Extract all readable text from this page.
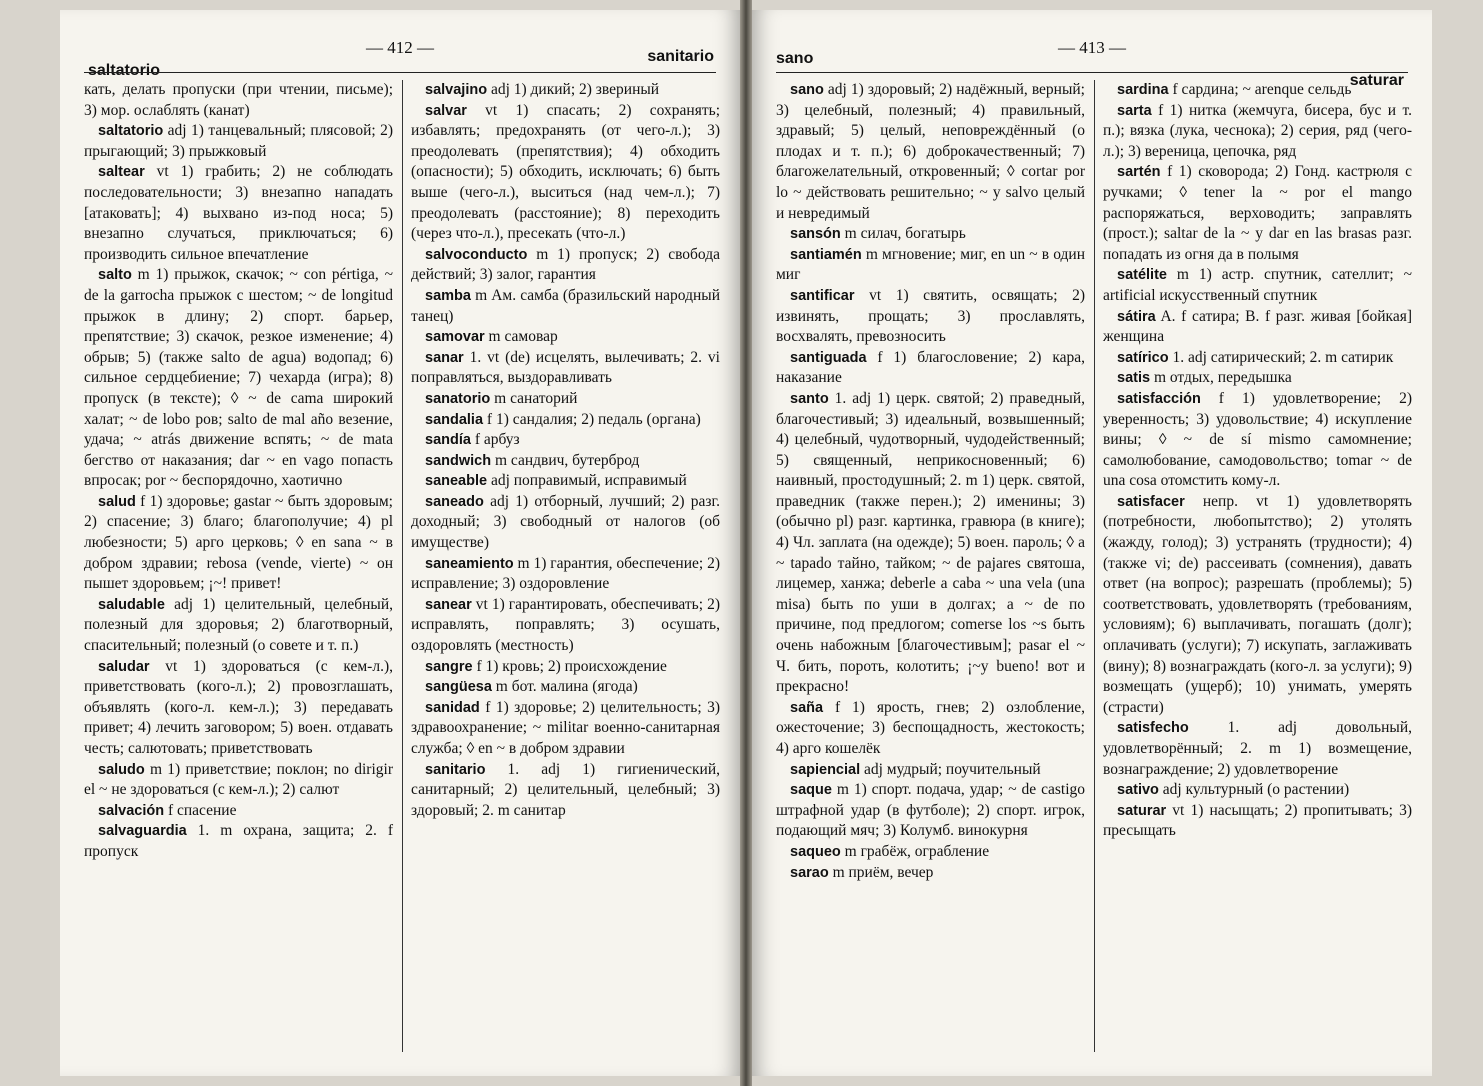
saltatorio
— 412 —	sanitario

кать, делать пропуски (при чтении, письме); 3) мор. ослаблять (канат)

saltatorio adj 1) танцевальный; плясовой; 2) прыгающий; 3) прыжковый

saltear vt 1) грабить; 2) не соблюдать последовательности; 3) внезапно нападать [атаковать]; 4) выхвано из-под носа; 5) внезапно случаться, приключаться; 6) производить сильное впечатление

salto m 1) прыжок, скачок; ~ con pértiga, ~ de la garrocha прыжок с шестом; ~ de longitud прыжок в длину; 2) спорт. барьер, препятствие; 3) скачок, резкое изменение; 4) обрыв; 5) (также salto de agua) водопад; 6) сильное сердцебиение; 7) чехарда (игра); 8) пропуск (в тексте); ◊ ~ de cama широкий халат; ~ de lobo ров; salto de mal año везение, удача; ~ atrás движение вспять; ~ de mata бегство от наказания; dar ~ en vago попасть впросак; por ~ беспорядочно, хаотично

salud f 1) здоровье; gastar ~ быть здоровым; 2) спасение; 3) благо; благополучие; 4) pl любезности; 5) арго церковь; ◊ en sana ~ в добром здравии; rebosa (vende, vierte) ~ он пышет здоровьем; ¡~! привет!

saludable adj 1) целительный, целебный, полезный для здоровья; 2) благотворный, спасительный; полезный (о совете и т. п.)

saludar vt 1) здороваться (с кем-л.), приветствовать (кого-л.); 2) провозглашать, объявлять (кого-л. кем-л.); 3) передавать привет; 4) лечить заговором; 5) воен. отдавать честь; салютовать; приветствовать

saludo m 1) приветствие; поклон; no dirigir el ~ не здороваться (с кем-л.); 2) салют

salvación f спасение

salvaguardia 1. m охрана, защита; 2. f пропуск

salvajino adj 1) дикий; 2) звериный

salvar vt 1) спасать; 2) сохранять; избавлять; предохранять (от чего-л.); 3) преодолевать (препятствия); 4) обходить (опасности); 5) обходить, исключать; 6) быть выше (чего-л.), выситься (над чем-л.); 7) преодолевать (расстояние); 8) переходить (через что-л.), пресекать (что-л.)

salvoconducto m 1) пропуск; 2) свобода действий; 3) залог, гарантия

samba m Ам. самба (бразильский народный танец)

samovar m самовар

sanar 1. vt (de) исцелять, вылечивать; 2. vi поправляться, выздоравливать

sanatorio m санаторий

sandalia f 1) сандалия; 2) педаль (органа)

sandía f арбуз

sandwich m сандвич, бутерброд

saneable adj поправимый, исправимый

saneado adj 1) отборный, лучший; 2) разг. доходный; 3) свободный от налогов (об имуществе)

saneamiento m 1) гарантия, обеспечение; 2) исправление; 3) оздоровление

sanear vt 1) гарантировать, обеспечивать; 2) исправлять, поправлять; 3) осушать, оздоровлять (местность)

sangre f 1) кровь; 2) происхождение

sangüesa m бот. малина (ягода)

sanidad f 1) здоровье; 2) целительность; 3) здравоохранение; ~ militar военно-санитарная служба; ◊ en ~ в добром здравии

sanitario 1. adj 1) гигиенический, санитарный; 2) целительный, целебный; 3) здоровый; 2. m санитар

sano
— 413 —
saturar

sano adj 1) здоровый; 2) надёжный, верный; 3) целебный, полезный; 4) правильный, здравый; 5) целый, неповреждённый (о плодах и т. п.); 6) доброкачественный; 7) благожелательный, откровенный; ◊ cortar por lo ~ действовать решительно; ~ y salvo целый и невредимый

sansón m силач, богатырь

santiamén m мгновение; миг, en un ~ в один миг

santificar vt 1) святить, освящать; 2) извинять, прощать; 3) прославлять, восхвалять, превозносить

santiguada f 1) благословение; 2) кара, наказание

santo 1. adj 1) церк. святой; 2) праведный, благочестивый; 3) идеальный, возвышенный; 4) целебный, чудотворный, чудодейственный; 5) священный, неприкосновенный; 6) наивный, простодушный; 2. m 1) церк. святой, праведник (также перен.); 2) именины; 3) (обычно pl) разг. картинка, гравюра (в книге); 4) Чл. заплата (на одежде); 5) воен. пароль; ◊ a ~ tapado тайно, тайком; ~ de pajares святоша, лицемер, ханжа; deberle a caba ~ una vela (una misa) быть по уши в долгах; a ~ de по причине, под предлогом; comerse los ~s быть очень набожным [благочестивым]; pasar el ~ Ч. бить, пороть, колотить; ¡~y bueno! вот и прекрасно!

saña f 1) ярость, гнев; 2) озлобление, ожесточение; 3) беспощадность, жестокость; 4) арго кошелёк

sapiencial adj мудрый; поучительный

saque m 1) спорт. подача, удар; ~ de castigo штрафной удар (в футболе); 2) спорт. игрок, подающий мяч; 3) Колумб. винокурня

saqueo m грабёж, ограбление

sarao m приём, вечер

sardina f сардина; ~ arenque сельдь

sarta f 1) нитка (жемчуга, бисера, бус и т. п.); вязка (лука, чеснока); 2) серия, ряд (чего-л.); 3) вереница, цепочка, ряд

sartén f 1) сковорода; 2) Гонд. кастрюля с ручками; ◊ tener la ~ por el mango распоряжаться, верховодить; заправлять (прост.); saltar de la ~ y dar en las brasas разг. попадать из огня да в полымя

satélite m 1) астр. спутник, сателлит; ~ artificial искусственный спутник

sátira A. f сатира; B. f разг. живая [бойкая] женщина

satírico 1. adj сатирический; 2. m сатирик

satis m отдых, передышка

satisfacción f 1) удовлетворение; 2) уверенность; 3) удовольствие; 4) искупление вины; ◊ ~ de sí mismo самомнение; самолюбование, самодовольство; tomar ~ de una cosa отомстить кому-л.

satisfacer непр. vt 1) удовлетворять (потребности, любопытство); 2) утолять (жажду, голод); 3) устранять (трудности); 4) (также vi; de) рассеивать (сомнения), давать ответ (на вопрос); разрешать (проблемы); 5) соответствовать, удовлетворять (требованиям, условиям); 6) выплачивать, погашать (долг); оплачивать (услуги); 7) искупать, заглаживать (вину); 8) вознаграждать (кого-л. за услуги); 9) возмещать (ущерб); 10) унимать, умерять (страсти)

satisfecho 1. adj довольный, удовлетворённый; 2. m 1) возмещение, вознаграждение; 2) удовлетворение

sativo adj культурный (о растении)

saturar vt 1) насыщать; 2) пропитывать; 3) пресыщать
